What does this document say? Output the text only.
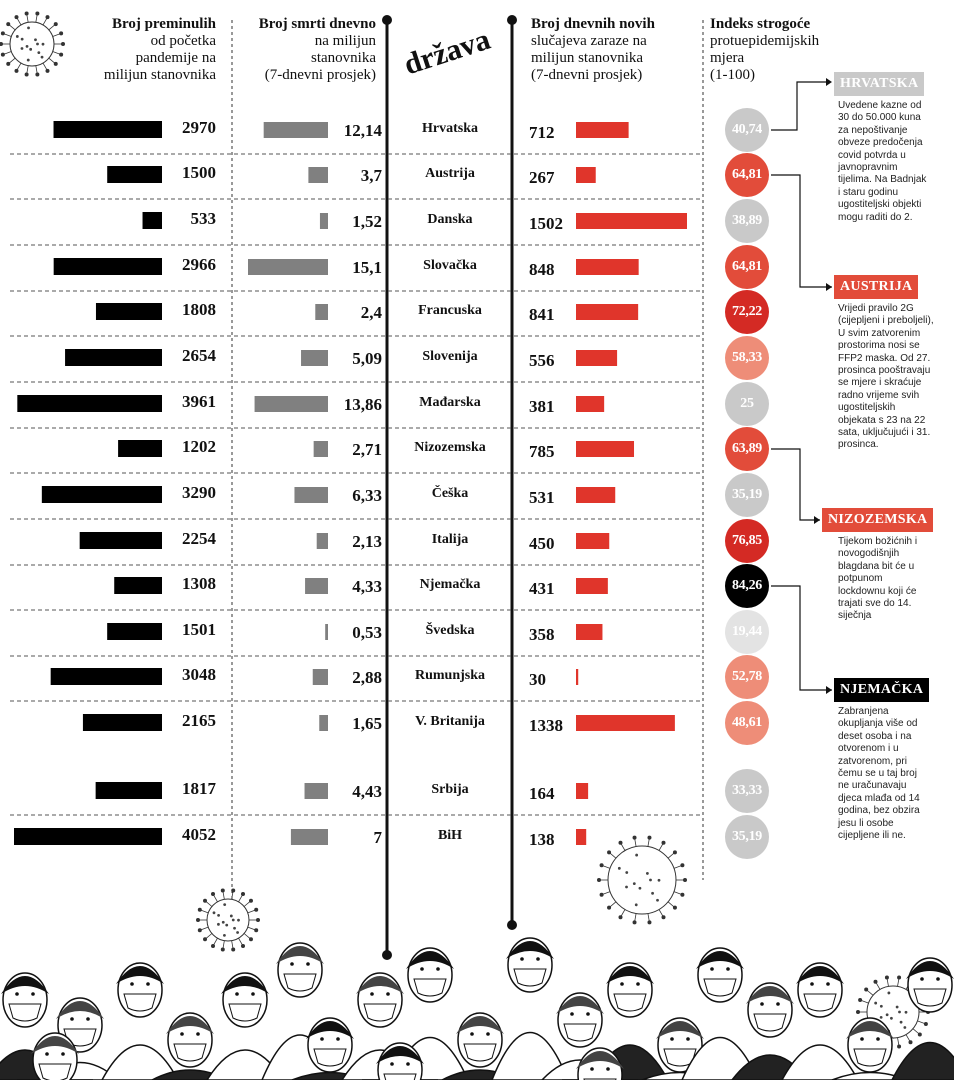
Broj preminulih
od početka
pandemije na
milijun stanovnika
Broj smrti dnevno
na milijun
stanovnika
(7-dnevni prosjek) država Broj dnevnih novih
slučajeva zaraze na
milijun stanovnika
(7-dnevni prosjek)
Indeks strogoće
protuepidemijskih
mjera
(1-100)
2970	12,14	Hrvatska	712	40,74
1500	3,7	Austrija	267	64,81
533	1,52	Danska	1502	38,89
2966	15,1	Slovačka	848	64,81
1808	2,4	Francuska	841	72,22
2654	5,09	Slovenija	556	58,33
3961	13,86	Mađarska	381	25
1202	2,71	Nizozemska	785	63,89
3290	6,33	Češka	531	35,19
2254	2,13	Italija	450	76,85
1308	4,33	Njemačka	431	84,26
1501	0,53	Švedska	358	19,44
3048	2,88	Rumunjska	30	52,78
2165	1,65	V. Britanija	1338	48,61
1817	4,43	Srbija	164	33,33
4052	7	BiH	138	35,19
HRVATSKA
Uvedene kazne od
30 do 50.000 kuna
za nepoštivanje
obveze predočenja
covid potvrda u
javnopravnim
tijelima. Na Badnjak
i staru godinu
ugostiteljski objekti
mogu raditi do 2.
AUSTRIJA
Vrijedi pravilo 2G
(cijepljeni i preboljeli),
U svim zatvorenim
prostorima nosi se
FFP2 maska. Od 27.
prosinca pooštravaju
se mjere i skraćuje
radno vrijeme svih
ugostiteljskih
objekata s 23 na 22
sata, uključujući i 31.
prosinca.
NIZOZEMSKA
Tijekom božićnih i
novogodišnjih
blagdana bit će u
potpunom
lockdownu koji će
trajati sve do 14.
siječnja
NJEMAČKA
Zabranjena
okupljanja više od
deset osoba i na
otvorenom i u
zatvorenom, pri
čemu se u taj broj
ne uračunavaju
djeca mlađa od 14
godina, bez obzira
jesu li osobe
cijepljene ili ne.
